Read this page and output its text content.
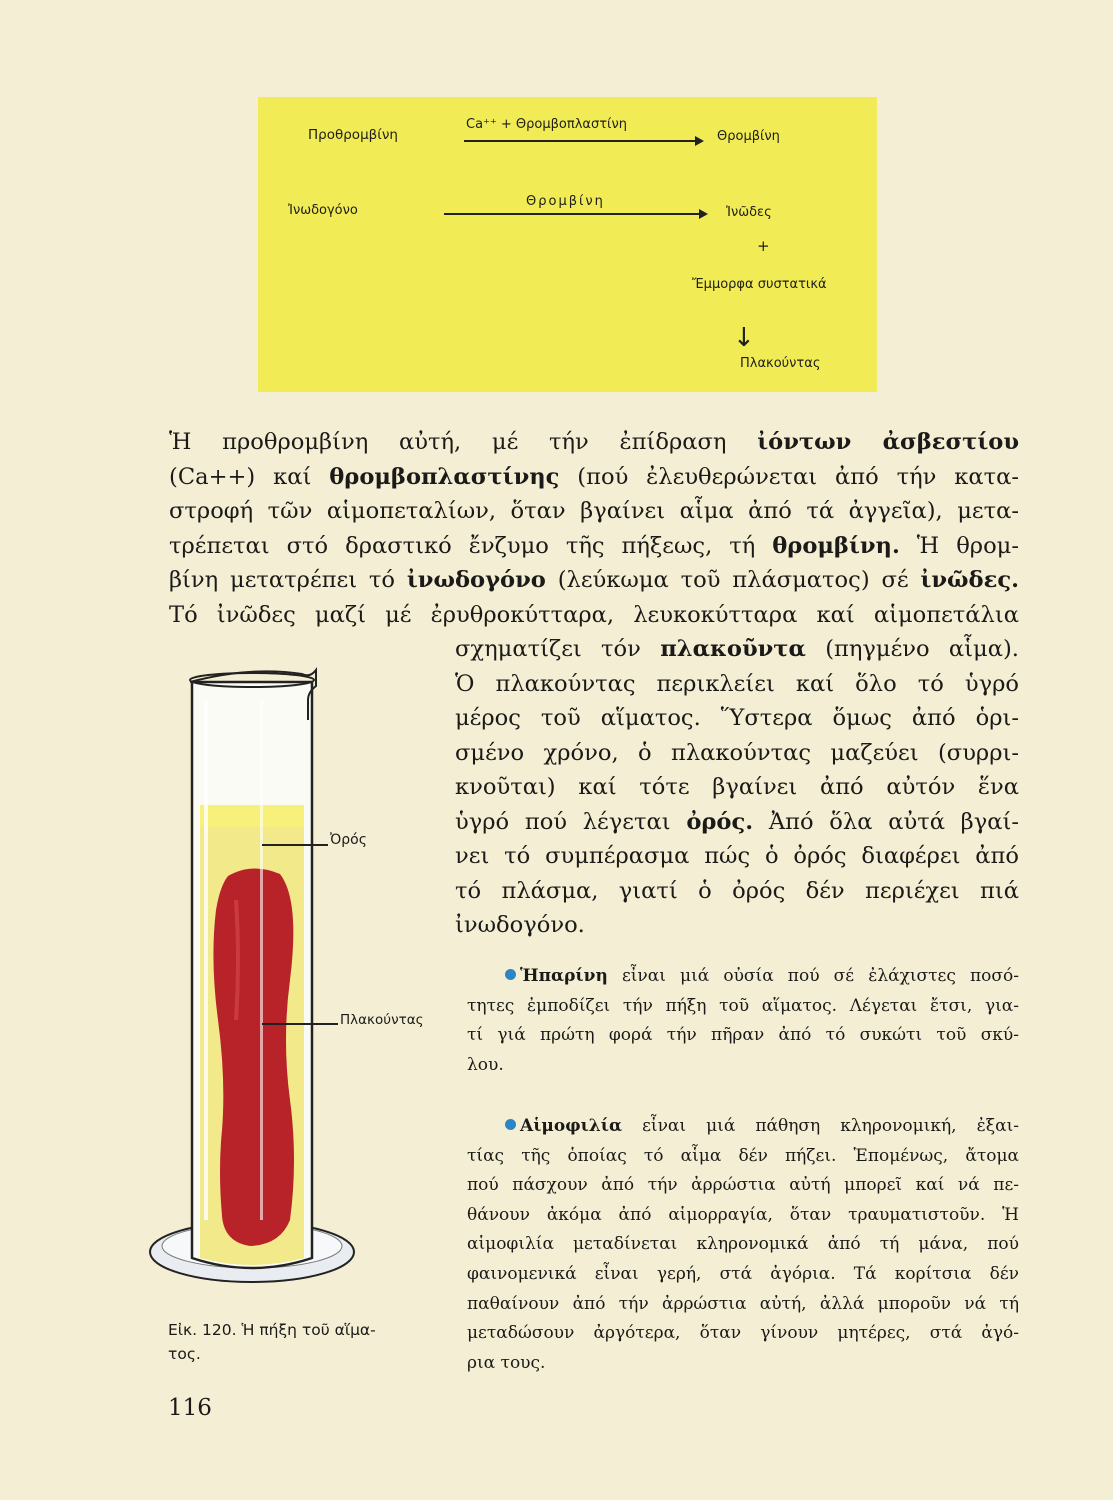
Προθρομβίνη
Ca⁺⁺ + Θρομβοπλαστίνη
Θρομβίνη
Ἰνωδογόνο
Θρομβίνη
Ἰνῶδες
+
Ἔμμορφα συστατικά
↓
Πλακούντας
Ἡ προθρομβίνη αὐτή, μέ τήν ἐπίδραση ἰόντων ἀσβεστίου
(Ca++) καί θρομβοπλαστίνης (πού ἐλευθερώνεται ἀπό τήν κατα-
στροφή τῶν αἱμοπεταλίων, ὅταν βγαίνει αἷμα ἀπό τά ἀγγεῖα), μετα-
τρέπεται στό δραστικό ἔνζυμο τῆς πήξεως, τή θρομβίνη. Ἡ θρομ-
βίνη μετατρέπει τό ἰνωδογόνο (λεύκωμα τοῦ πλάσματος) σέ ἰνῶδες.
Τό ἰνῶδες μαζί μέ ἐρυθροκύτταρα, λευκοκύτταρα καί αἱμοπετάλια
σχηματίζει τόν πλακοῦντα (πηγμένο αἷμα).
Ὁ πλακούντας περικλείει καί ὅλο τό ὑγρό
μέρος τοῦ αἵματος. Ὕστερα ὅμως ἀπό ὁρι-
σμένο χρόνο, ὁ πλακούντας μαζεύει (συρρι-
κνοῦται) καί τότε βγαίνει ἀπό αὐτόν ἕνα
ὑγρό πού λέγεται ὀρός. Ἀπό ὅλα αὐτά βγαί-
νει τό συμπέρασμα πώς ὁ ὀρός διαφέρει ἀπό
τό πλάσμα, γιατί ὁ ὀρός δέν περιέχει πιά
ἰνωδογόνο.
Ἡπαρίνη εἶναι μιά οὐσία πού σέ ἐλάχιστες ποσό-
τητες ἐμποδίζει τήν πήξη τοῦ αἵματος. Λέγεται ἔτσι, για-
τί γιά πρώτη φορά τήν πῆραν ἀπό τό συκώτι τοῦ σκύ-
λου.
Αἱμοφιλία εἶναι μιά πάθηση κληρονομική, ἐξαι-
τίας τῆς ὁποίας τό αἷμα δέν πήζει. Ἑπομένως, ἄτομα
πού πάσχουν ἀπό τήν ἀρρώστια αὐτή μπορεῖ καί νά πε-
θάνουν ἀκόμα ἀπό αἱμορραγία, ὅταν τραυματιστοῦν. Ἡ
αἱμοφιλία μεταδίνεται κληρονομικά ἀπό τή μάνα, πού
φαινομενικά εἶναι γερή, στά ἀγόρια. Τά κορίτσια δέν
παθαίνουν ἀπό τήν ἀρρώστια αὐτή, ἀλλά μποροῦν νά τή
μεταδώσουν ἀργότερα, ὅταν γίνουν μητέρες, στά ἀγό-
ρια τους.
Ὀρός
Πλακούντας
Εἰκ. 120. Ἡ πήξη τοῦ αἵμα-
τος.
116
